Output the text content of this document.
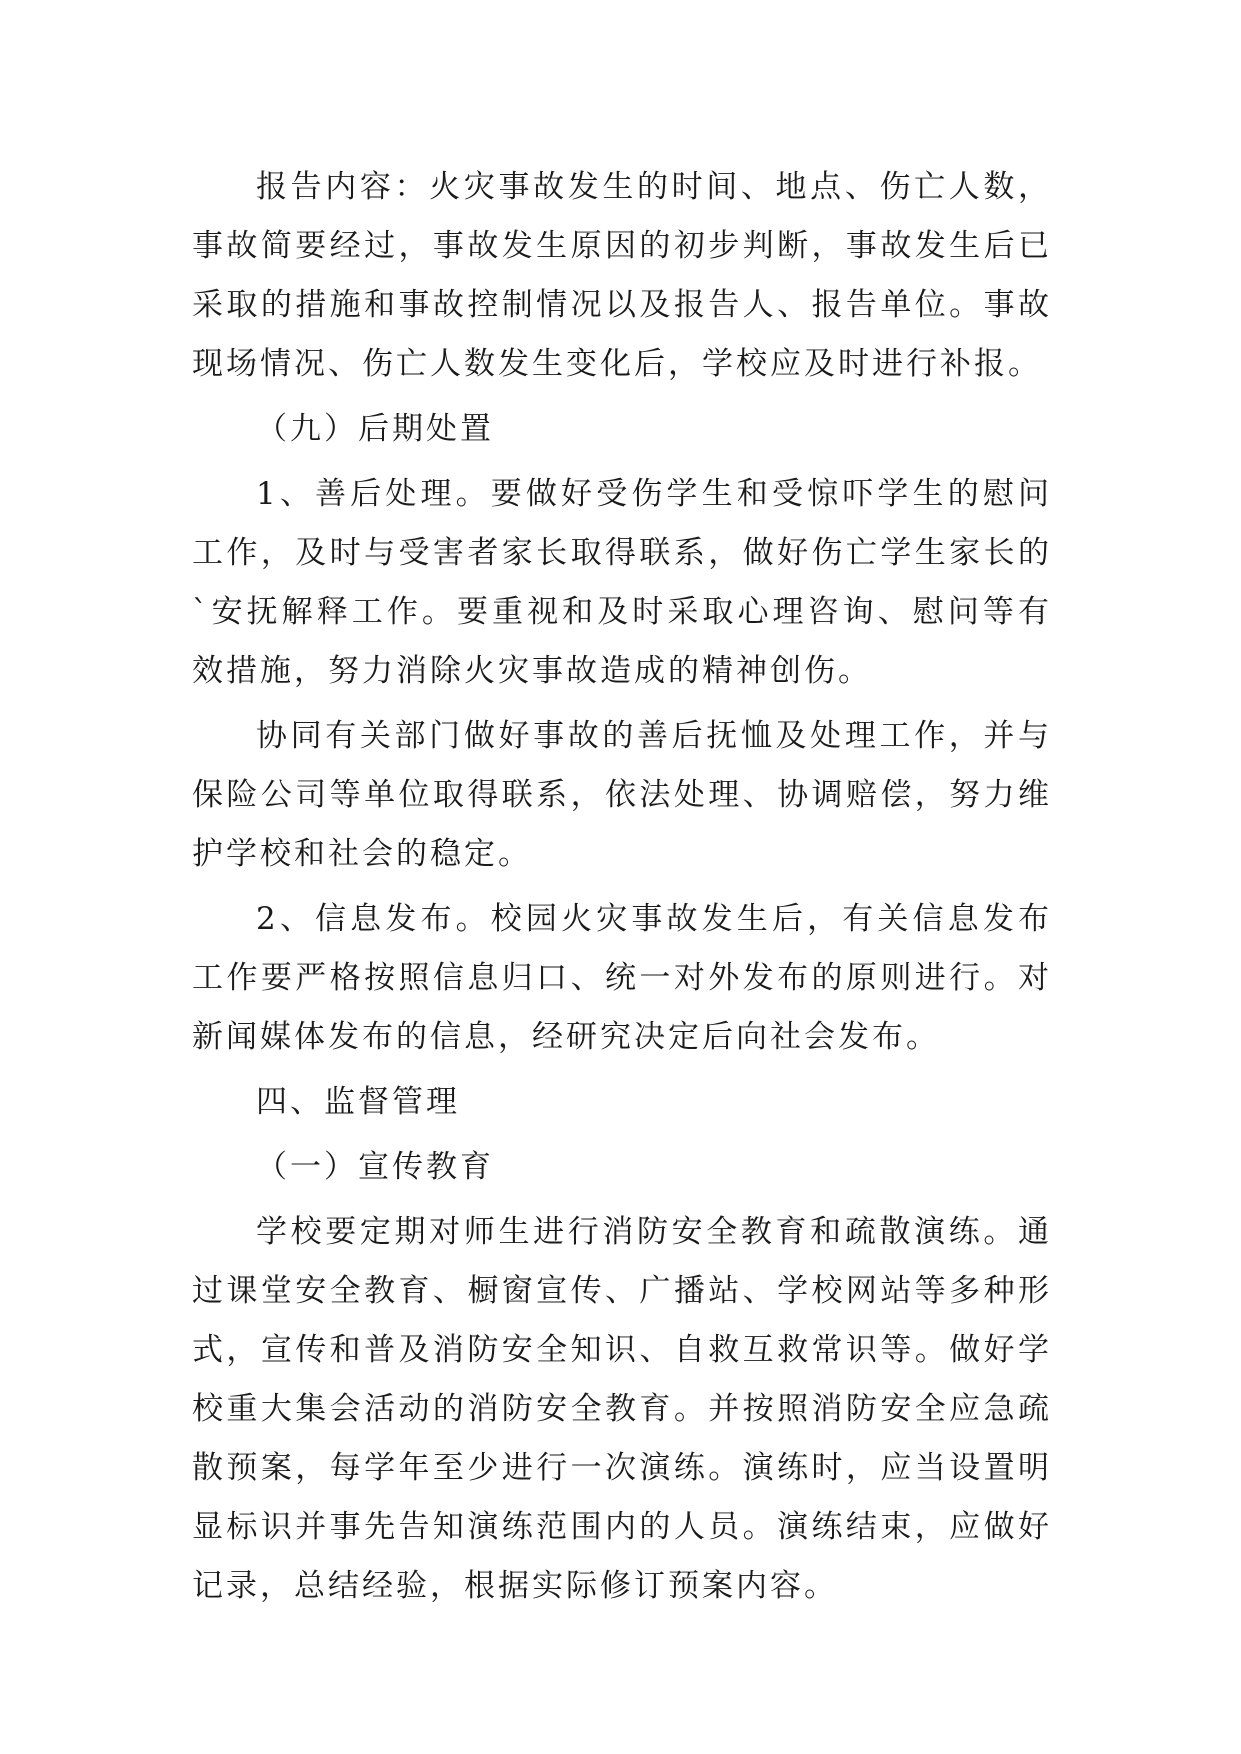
报告内容：火灾事故发生的时间、地点、伤亡人数，事故简要经过，事故发生原因的初步判断，事故发生后已采取的措施和事故控制情况以及报告人、报告单位。事故现场情况、伤亡人数发生变化后，学校应及时进行补报。

（九）后期处置

1、善后处理。要做好受伤学生和受惊吓学生的慰问工作，及时与受害者家长取得联系，做好伤亡学生家长的`安抚解释工作。要重视和及时采取心理咨询、慰问等有效措施，努力消除火灾事故造成的精神创伤。

协同有关部门做好事故的善后抚恤及处理工作，并与保险公司等单位取得联系，依法处理、协调赔偿，努力维护学校和社会的稳定。

2、信息发布。校园火灾事故发生后，有关信息发布工作要严格按照信息归口、统一对外发布的原则进行。对新闻媒体发布的信息，经研究决定后向社会发布。

四、监督管理
（一）宣传教育

学校要定期对师生进行消防安全教育和疏散演练。通过课堂安全教育、橱窗宣传、广播站、学校网站等多种形式，宣传和普及消防安全知识、自救互救常识等。做好学校重大集会活动的消防安全教育。并按照消防安全应急疏散预案，每学年至少进行一次演练。演练时，应当设置明显标识并事先告知演练范围内的人员。演练结束，应做好记录，总结经验，根据实际修订预案内容。
